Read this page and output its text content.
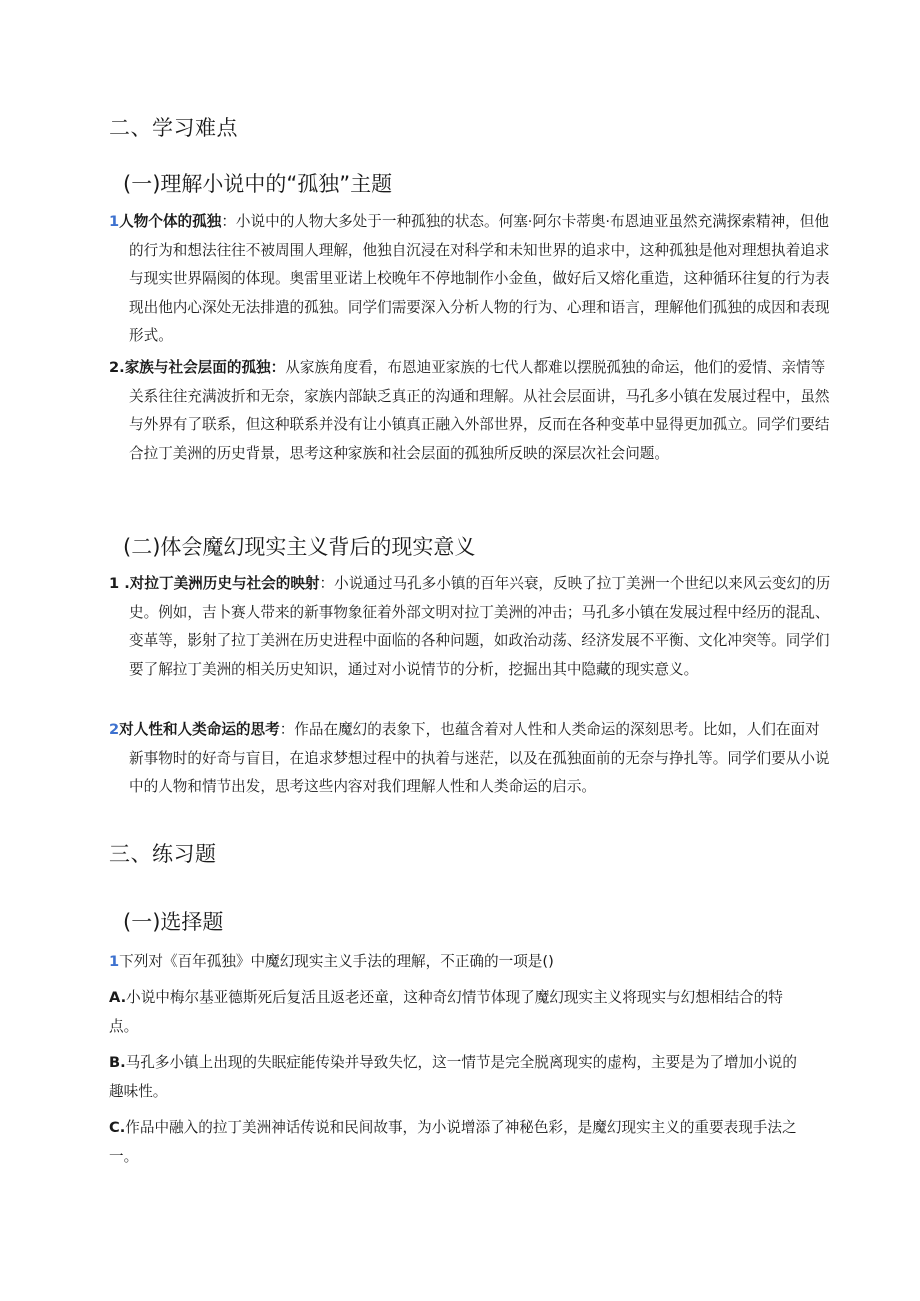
二、学习难点
(一)理解小说中的“孤独”主题
1人物个体的孤独：小说中的人物大多处于一种孤独的状态。何塞·阿尔卡蒂奥·布恩迪亚虽然充满探索精神，但他的行为和想法往往不被周围人理解，他独自沉浸在对科学和未知世界的追求中，这种孤独是他对理想执着追求与现实世界隔阂的体现。奥雷里亚诺上校晚年不停地制作小金鱼，做好后又熔化重造，这种循环往复的行为表现出他内心深处无法排遣的孤独。同学们需要深入分析人物的行为、心理和语言，理解他们孤独的成因和表现形式。
2.家族与社会层面的孤独：从家族角度看，布恩迪亚家族的七代人都难以摆脱孤独的命运，他们的爱情、亲情等关系往往充满波折和无奈，家族内部缺乏真正的沟通和理解。从社会层面讲，马孔多小镇在发展过程中，虽然与外界有了联系，但这种联系并没有让小镇真正融入外部世界，反而在各种变革中显得更加孤立。同学们要结合拉丁美洲的历史背景，思考这种家族和社会层面的孤独所反映的深层次社会问题。
(二)体会魔幻现实主义背后的现实意义
1 .对拉丁美洲历史与社会的映射：小说通过马孔多小镇的百年兴衰，反映了拉丁美洲一个世纪以来风云变幻的历史。例如，吉卜赛人带来的新事物象征着外部文明对拉丁美洲的冲击；马孔多小镇在发展过程中经历的混乱、变革等，影射了拉丁美洲在历史进程中面临的各种问题，如政治动荡、经济发展不平衡、文化冲突等。同学们要了解拉丁美洲的相关历史知识，通过对小说情节的分析，挖掘出其中隐藏的现实意义。
2对人性和人类命运的思考：作品在魔幻的表象下，也蕴含着对人性和人类命运的深刻思考。比如，人们在面对新事物时的好奇与盲目，在追求梦想过程中的执着与迷茫，以及在孤独面前的无奈与挣扎等。同学们要从小说中的人物和情节出发，思考这些内容对我们理解人性和人类命运的启示。
三、练习题
(一)选择题
1下列对《百年孤独》中魔幻现实主义手法的理解，不正确的一项是()
A.小说中梅尔基亚德斯死后复活且返老还童，这种奇幻情节体现了魔幻现实主义将现实与幻想相结合的特点。
B.马孔多小镇上出现的失眠症能传染并导致失忆，这一情节是完全脱离现实的虚构，主要是为了增加小说的趣味性。
C.作品中融入的拉丁美洲神话传说和民间故事，为小说增添了神秘色彩，是魔幻现实主义的重要表现手法之一。
